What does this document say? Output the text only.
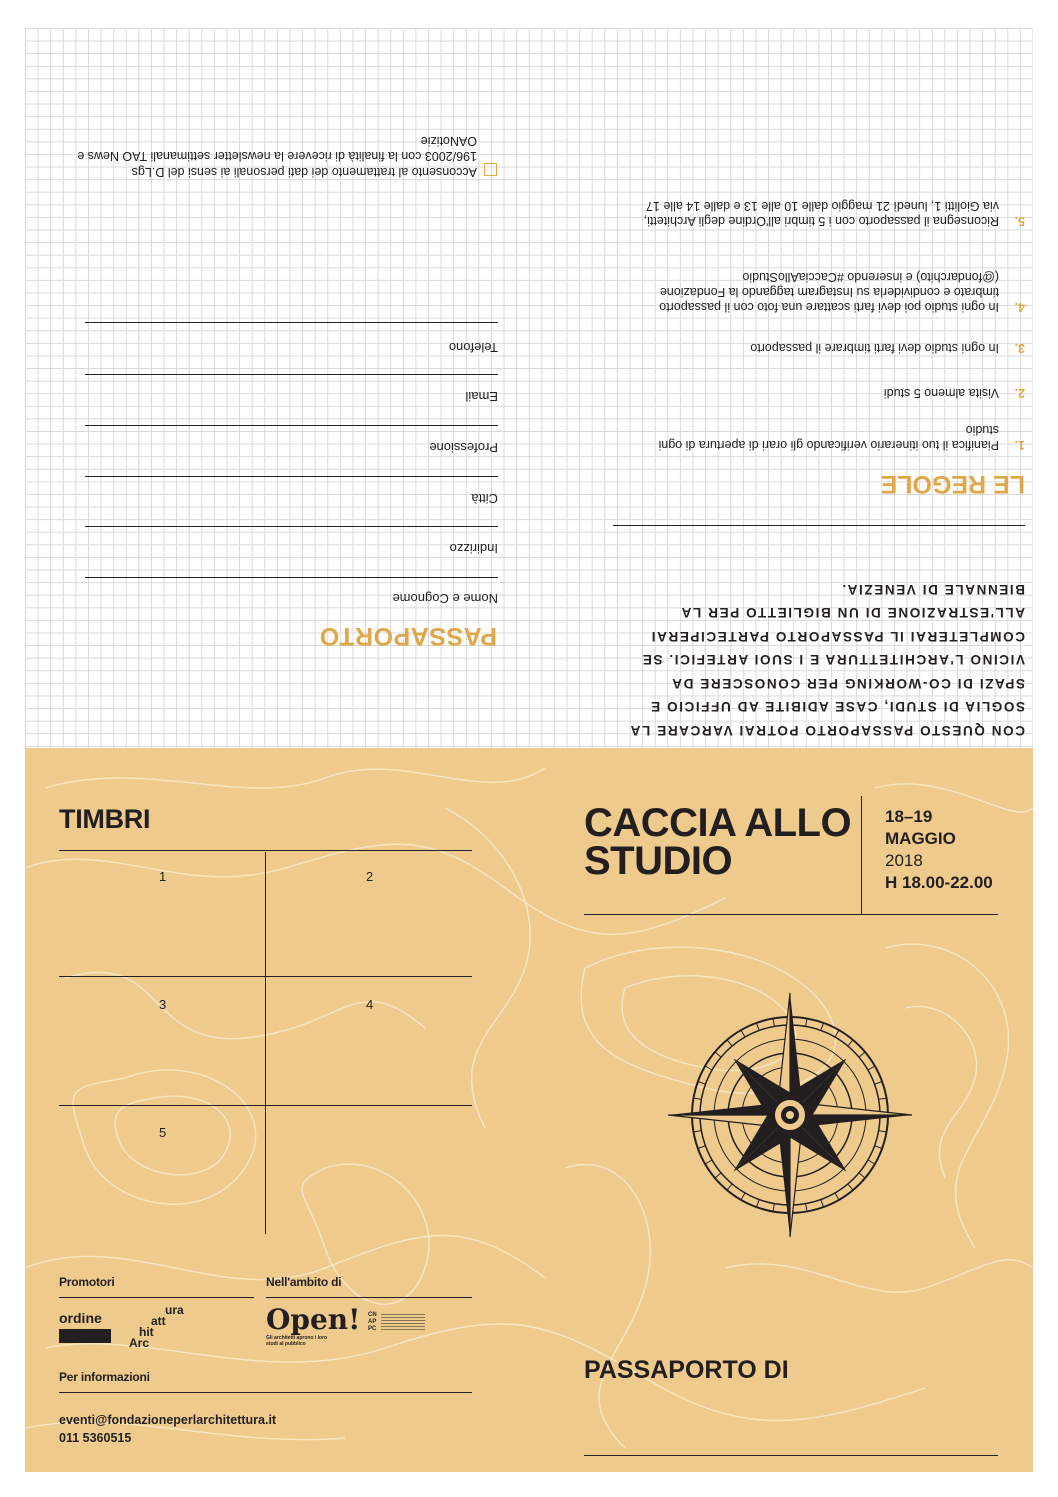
PASSAPORTO
Nome e Cognome
Indirizzo
Città
Professione
Email
Telefono
Acconsento al trattamento dei dati personali ai sensi del D.Lgs 196/2003 con la finalità di ricevere la newsletter settimanali TAO News e OANotizie
CON QUESTO PASSAPORTO POTRAI VARCARE LA SOGLIA DI STUDI, CASE ADIBITE AD UFFICIO E SPAZI DI CO-WORKING PER CONOSCERE DA VICINO L'ARCHITETTURA E I SUOI ARTEFICI. SE COMPLETERAI IL PASSAPORTO PARTECIPERAI ALL'ESTRAZIONE DI UN BIGLIETTO PER LA BIENNALE DI VENEZIA.
LE REGOLE
1.
Pianifica il tuo itinerario verificando gli orari di apertura di ogni studio
2.
Visita almeno 5 studi
3.
In ogni studio devi farti timbrare il passaporto
4.
In ogni studio poi devi farti scattare una foto con il passaporto timbrato e condividerla su Instagram taggando la Fondazione (@fondarchito) e inserendo #CacciaAlloStudio
5.
Riconsegna il passaporto con i 5 timbri all'Ordine degli Architetti, via Giolitti 1, lunedì 21 maggio dalle 10 alle 13 e dalle 14 alle 17
TIMBRI
1	2
3	4
5
Promotori	Nell'ambito di
ordine	ura
att
hit
Arc
Open!
Gli architetti aprono i loro studi al pubblico
CNAPPC
Per informazioni
eventi@fondazioneperlarchitettura.it
011 5360515
CACCIA ALLO
STUDIO
18–19
MAGGIO
2018
H 18.00-22.00
PASSAPORTO DI
